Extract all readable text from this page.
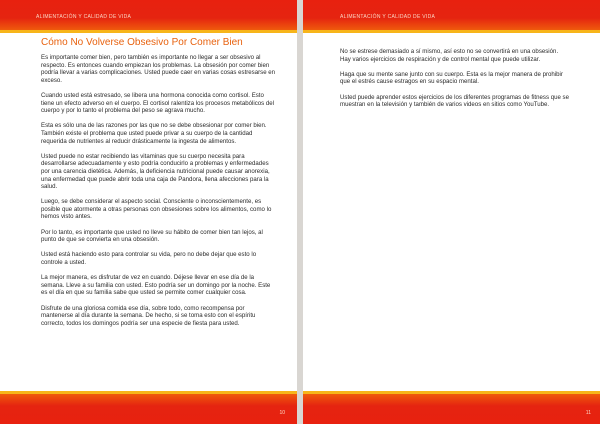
ALIMENTACIÓN Y CALIDAD DE VIDA
Cómo No Volverse Obsesivo Por Comer Bien

Es importante comer bien, pero también es importante no llegar a ser obsesivo al respecto. Es entonces cuando empiezan los problemas. La obsesión por comer bien podría llevar a varias complicaciones. Usted puede caer en varias cosas estresarse en exceso.

Cuando usted está estresado, se libera una hormona conocida como cortisol. Esto tiene un efecto adverso en el cuerpo. El cortisol ralentiza los procesos metabólicos del cuerpo y por lo tanto el problema del peso se agrava mucho.

Esta es sólo una de las razones por las que no se debe obsesionar por comer bien. También existe el problema que usted puede privar a su cuerpo de la cantidad requerida de nutrientes al reducir drásticamente la ingesta de alimentos.

Usted puede no estar recibiendo las vitaminas que su cuerpo necesita para desarrollarse adecuadamente y esto podría conducirlo a problemas y enfermedades por una carencia dietética. Además, la deficiencia nutricional puede causar anorexia, una enfermedad que puede abrir toda una caja de Pandora, llena afecciones para la salud.

Luego, se debe considerar el aspecto social. Consciente o inconscientemente, es posible que atormente a otras personas con obsesiones sobre los alimentos, como lo hemos visto antes.

Por lo tanto, es importante que usted no lleve su hábito de comer bien tan lejos, al punto de que se convierta en una obsesión.

Usted está haciendo esto para controlar su vida, pero no debe dejar que esto lo controle a usted.

La mejor manera, es disfrutar de vez en cuando. Déjese llevar en ese día de la semana. Lleve a su familia con usted. Esto podría ser un domingo por la noche. Este es el día en que su familia sabe que usted se permite comer cualquier cosa.

Disfrute de una gloriosa comida ese día, sobre todo, como recompensa por mantenerse al día durante la semana. De hecho, si se toma esto con el espíritu correcto, todos los domingos podría ser una especie de fiesta para usted.

10
ALIMENTACIÓN Y CALIDAD DE VIDA

No se estrese demasiado a sí mismo, así esto no se convertirá en una obsesión. Hay varios ejercicios de respiración y de control mental que puede utilizar.

Haga que su mente sane junto con su cuerpo. Esta es la mejor manera de prohibir que el estrés cause estragos en su espacio mental.

Usted puede aprender estos ejercicios de los diferentes programas de fitness que se muestran en la televisión y también de varios videos en sitios como YouTube.

11
